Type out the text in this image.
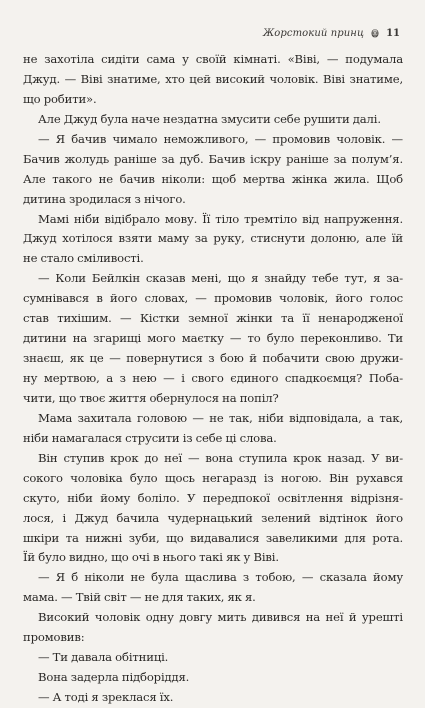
Жорстокий принц 11
не захотіла сидіти сама у своїй кімнаті. «Віві, — подумала
Джуд. — Віві знатиме, хто цей високий чоловік. Віві знатиме,
що робити».
Але Джуд була наче нездатна змусити себе рушити далі.
— Я бачив чимало неможливого, — промовив чоловік. —
Бачив жолудь раніше за дуб. Бачив іскру раніше за полум’я.
Але такого не бачив ніколи: щоб мертва жінка жила. Щоб
дитина зродилася з нічого.
Мамі ніби відібрало мову. Її тіло тремтіло від напруження.
Джуд хотілося взяти маму за руку, стиснути долоню, але їй
не стало сміливості.
— Коли Бейлкін сказав мені, що я знайду тебе тут, я за-
сумнівався в його словах, — промовив чоловік, його голос
став тихішим. — Кістки земної жінки та її ненародженої
дитини на згарищі мого маєтку — то було переконливо. Ти
знаєш, як це — повернутися з бою й побачити свою дружи-
ну мертвою, а з нею — і свого єдиного спадкоємця? Поба-
чити, що твоє життя обернулося на попіл?
Мама захитала головою — не так, ніби відповідала, а так,
ніби намагалася струсити із себе ці слова.
Він ступив крок до неї — вона ступила крок назад. У ви-
сокого чоловіка було щось негаразд із ногою. Він рухався
скуто, ніби йому боліло. У передпокої освітлення відрізня-
лося, і Джуд бачила чудернацький зелений відтінок його
шкіри та нижні зуби, що видавалися завеликими для рота.
Їй було видно, що очі в нього такі як у Віві.
— Я б ніколи не була щаслива з тобою, — сказала йому
мама. — Твій світ — не для таких, як я.
Високий чоловік одну довгу мить дивився на неї й урешті
промовив:
— Ти давала обітниці.
Вона задерла підборіддя.
— А тоді я зреклася їх.
